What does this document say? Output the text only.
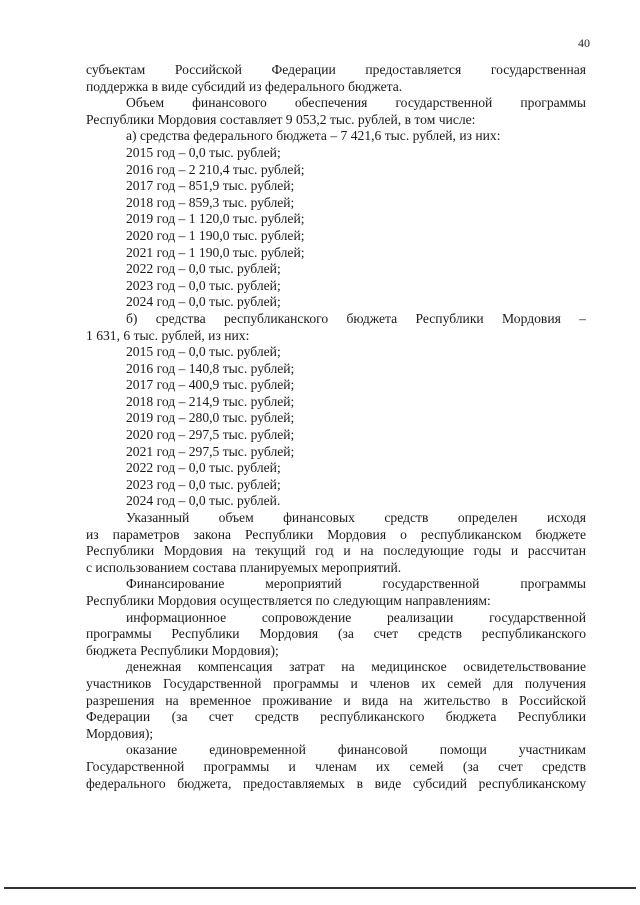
40
субъектам Российской Федерации предоставляется государственная
поддержка в виде субсидий из федерального бюджета.
Объем финансового обеспечения государственной программы
Республики Мордовия составляет 9 053,2 тыс. рублей, в том числе:
а) средства федерального бюджета – 7 421,6 тыс. рублей, из них:
2015 год – 0,0 тыс. рублей;
2016 год – 2 210,4 тыс. рублей;
2017 год – 851,9 тыс. рублей;
2018 год – 859,3 тыс. рублей;
2019 год – 1 120,0 тыс. рублей;
2020 год – 1 190,0 тыс. рублей;
2021 год – 1 190,0 тыс. рублей;
2022 год – 0,0 тыс. рублей;
2023 год – 0,0 тыс. рублей;
2024 год – 0,0 тыс. рублей;
б) средства республиканского бюджета Республики Мордовия –
1 631, 6 тыс. рублей, из них:
2015 год – 0,0 тыс. рублей;
2016 год – 140,8 тыс. рублей;
2017 год – 400,9 тыс. рублей;
2018 год – 214,9 тыс. рублей;
2019 год – 280,0 тыс. рублей;
2020 год – 297,5 тыс. рублей;
2021 год – 297,5 тыс. рублей;
2022 год – 0,0 тыс. рублей;
2023 год – 0,0 тыс. рублей;
2024 год – 0,0 тыс. рублей.
Указанный объем финансовых средств определен исходя
из параметров закона Республики Мордовия о республиканском бюджете
Республики Мордовия на текущий год и на последующие годы и рассчитан
с использованием состава планируемых мероприятий.
Финансирование мероприятий государственной программы
Республики Мордовия осуществляется по следующим направлениям:
информационное сопровождение реализации государственной
программы Республики Мордовия (за счет средств республиканского
бюджета Республики Мордовия);
денежная компенсация затрат на медицинское освидетельствование
участников Государственной программы и членов их семей для получения
разрешения на временное проживание и вида на жительство в Российской
Федерации (за счет средств республиканского бюджета Республики
Мордовия);
оказание единовременной финансовой помощи участникам
Государственной программы и членам их семей (за счет средств
федерального бюджета, предоставляемых в виде субсидий республиканскому
